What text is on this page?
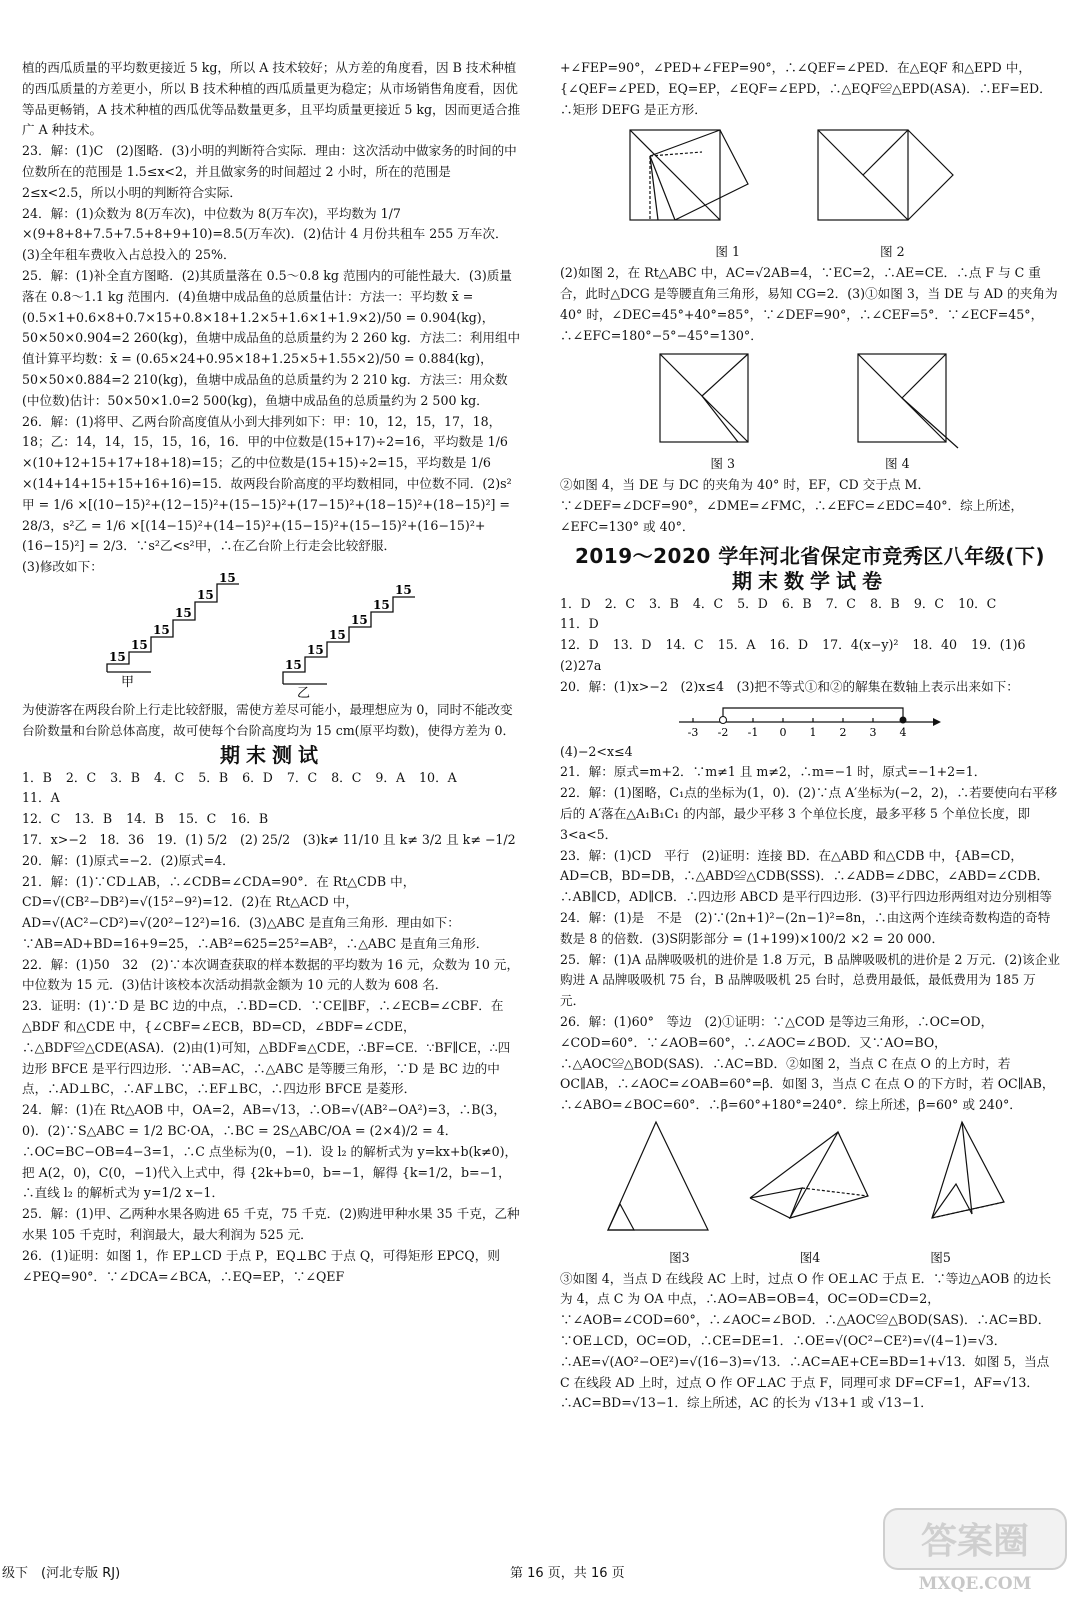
植的西瓜质量的平均数更接近 5 kg，所以 A 技术较好；从方差的角度看，因 B 技术种植的西瓜质量的方差更小，所以 B 技术种植的西瓜质量更为稳定；从市场销售角度看，因优等品更畅销，A 技术种植的西瓜优等品数量更多，且平均质量更接近 5 kg，因而更适合推广 A 种技术。

23．解：(1)C　(2)图略．(3)小明的判断符合实际．理由：这次活动中做家务的时间的中位数所在的范围是 1.5≤x<2，并且做家务的时间超过 2 小时，所在的范围是 2≤x<2.5，所以小明的判断符合实际．

24．解：(1)众数为 8(万车次)，中位数为 8(万车次)，平均数为 1/7 ×(9+8+8+7.5+7.5+8+9+10)=8.5(万车次)．(2)估计 4 月份共租车 255 万车次．(3)全年租车费收入占总投入的 25%．

25．解：(1)补全直方图略．(2)其质量落在 0.5～0.8 kg 范围内的可能性最大．(3)质量落在 0.8～1.1 kg 范围内．(4)鱼塘中成品鱼的总质量估计：方法一：平均数 x̄ = (0.5×1+0.6×8+0.7×15+0.8×18+1.2×5+1.6×1+1.9×2)/50 = 0.904(kg)，50×50×0.904=2 260(kg)，鱼塘中成品鱼的总质量约为 2 260 kg．方法二：利用组中值计算平均数：x̄ = (0.65×24+0.95×18+1.25×5+1.55×2)/50 = 0.884(kg)，50×50×0.884=2 210(kg)，鱼塘中成品鱼的总质量约为 2 210 kg．方法三：用众数(中位数)估计：50×50×1.0=2 500(kg)，鱼塘中成品鱼的总质量约为 2 500 kg．

26．解：(1)将甲、乙两台阶高度值从小到大排列如下：甲：10，12，15，17，18，18；乙：14，14，15，15，16，16．甲的中位数是(15+17)÷2=16，平均数是 1/6 ×(10+12+15+17+18+18)=15；乙的中位数是(15+15)÷2=15，平均数是 1/6 ×(14+14+15+15+16+16)=15．故两段台阶高度的平均数相同，中位数不同．(2)s²甲 = 1/6 ×[(10−15)²+(12−15)²+(15−15)²+(17−15)²+(18−15)²+(18−15)²] = 28/3，s²乙 = 1/6 ×[(14−15)²+(14−15)²+(15−15)²+(15−15)²+(16−15)²+(16−15)²] = 2/3．∵s²乙<s²甲，∴在乙台阶上行走会比较舒服．

(3)修改如下：

15
15
15
15
15
15
15
15
15
15
15
15
甲
乙

为使游客在两段台阶上行走比较舒服，需使方差尽可能小，最理想应为 0，同时不能改变台阶数量和台阶总体高度，故可使每个台阶高度均为 15 cm(原平均数)，使得方差为 0．

期末测试

1．B 2．C 3．B 4．C 5．B 6．D 7．C 8．C 9．A 10．A11．A

12．C 13．B 14．B 15．C 16．B

17．x>−2　18．36　19．(1) 5/2　(2) 25/2　(3)k≠ 11/10 且 k≠ 3/2 且 k≠ −1/2

20．解：(1)原式=−2．(2)原式=4．

21．解：(1)∵CD⊥AB，∴∠CDB=∠CDA=90°．在 Rt△CDB 中，CD=√(CB²−DB²)=√(15²−9²)=12．(2)在 Rt△ACD 中，AD=√(AC²−CD²)=√(20²−12²)=16．(3)△ABC 是直角三角形．理由如下：∵AB=AD+BD=16+9=25，∴AB²=625=25²=AB²，∴△ABC 是直角三角形．

22．解：(1)50　32　(2)∵本次调查获取的样本数据的平均数为 16 元，众数为 10 元，中位数为 15 元．(3)估计该校本次活动捐款金额为 10 元的人数为 608 名．

23．证明：(1)∵D 是 BC 边的中点，∴BD=CD．∵CE∥BF，∴∠ECB=∠CBF．在△BDF 和△CDE 中，{∠CBF=∠ECB，BD=CD，∠BDF=∠CDE，∴△BDF≌△CDE(ASA)．(2)由(1)可知，△BDF≌△CDE，∴BF=CE．∵BF∥CE，∴四边形 BFCE 是平行四边形．∵AB=AC，∴△ABC 是等腰三角形，∵D 是 BC 边的中点，∴AD⊥BC，∴AF⊥BC，∴EF⊥BC，∴四边形 BFCE 是菱形．

24．解：(1)在 Rt△AOB 中，OA=2，AB=√13，∴OB=√(AB²−OA²)=3，∴B(3，0)．(2)∵S△ABC = 1/2 BC·OA，∴BC = 2S△ABC/OA = (2×4)/2 = 4．∴OC=BC−OB=4−3=1，∴C 点坐标为(0，−1)．设 l₂ 的解析式为 y=kx+b(k≠0)，把 A(2，0)，C(0，−1)代入上式中，得 {2k+b=0，b=−1，解得 {k=1/2，b=−1，∴直线 l₂ 的解析式为 y=1/2 x−1．

25．解：(1)甲、乙两种水果各购进 65 千克，75 千克．(2)购进甲种水果 35 千克，乙种水果 105 千克时，利润最大，最大利润为 525 元．

26．(1)证明：如图 1，作 EP⊥CD 于点 P，EQ⊥BC 于点 Q，可得矩形 EPCQ，则∠PEQ=90°．∵∠DCA=∠BCA，∴EQ=EP，∵∠QEF

+∠FEP=90°，∠PED+∠FEP=90°，∴∠QEF=∠PED．在△EQF 和△EPD 中，{∠QEF=∠PED，EQ=EP，∠EQF=∠EPD，∴△EQF≌△EPD(ASA)．∴EF=ED．∴矩形 DEFG 是正方形．

图 1	图 2

(2)如图 2，在 Rt△ABC 中，AC=√2AB=4，∵EC=2，∴AE=CE．∴点 F 与 C 重合，此时△DCG 是等腰直角三角形，易知 CG=2．(3)①如图 3，当 DE 与 AD 的夹角为 40° 时，∠DEC=45°+40°=85°，∵∠DEF=90°，∴∠CEF=5°．∵∠ECF=45°，∴∠EFC=180°−5°−45°=130°．

图 3	图 4

②如图 4，当 DE 与 DC 的夹角为 40° 时，EF，CD 交于点 M．∵∠DEF=∠DCF=90°，∠DME=∠FMC，∴∠EFC=∠EDC=40°．综上所述，∠EFC=130° 或 40°．

2019～2020 学年河北省保定市竞秀区八年级(下)
期末数学试卷

1．D 2．C 3．B 4．C 5．D 6．B 7．C 8．B 9．C 10．C11．D

12．D 13．D 14．C 15．A 16．D 17．4(x−y)² 18．40 19．(1)6(2)27a

20．解：(1)x>−2　(2)x≤4　(3)把不等式①和②的解集在数轴上表示出来如下：

-3 -2 -1 0 1 2 3 4

(4)−2<x≤4

21．解：原式=m+2．∵m≠1 且 m≠2，∴m=−1 时，原式=−1+2=1．

22．解：(1)图略，C₁点的坐标为(1，0)．(2)∵点 A′坐标为(−2，2)，∴若要使向右平移后的 A′落在△A₁B₁C₁ 的内部，最少平移 3 个单位长度，最多平移 5 个单位长度，即 3<a<5．

23．解：(1)CD　平行　(2)证明：连接 BD．在△ABD 和△CDB 中，{AB=CD，AD=CB，BD=DB，∴△ABD≌△CDB(SSS)．∴∠ADB=∠DBC，∠ABD=∠CDB．∴AB∥CD，AD∥CB．∴四边形 ABCD 是平行四边形．(3)平行四边形两组对边分别相等

24．解：(1)是　不是　(2)∵(2n+1)²−(2n−1)²=8n，∴由这两个连续奇数构造的奇特数是 8 的倍数．(3)S阴影部分 = (1+199)×100/2 ×2 = 20 000．

25．解：(1)A 品牌吸吸机的进价是 1.8 万元，B 品牌吸吸机的进价是 2 万元．(2)该企业购进 A 品牌吸吸机 75 台，B 品牌吸吸机 25 台时，总费用最低，最低费用为 185 万元．

26．解：(1)60°　等边　(2)①证明：∵△COD 是等边三角形，∴OC=OD，∠COD=60°．∵∠AOB=60°，∴∠AOC=∠BOD．又∵AO=BO，∴△AOC≌△BOD(SAS)．∴AC=BD．②如图 2，当点 C 在点 O 的上方时，若 OC∥AB，∴∠AOC=∠OAB=60°=β．如图 3，当点 C 在点 O 的下方时，若 OC∥AB，∴∠ABO=∠BOC=60°．∴β=60°+180°=240°．综上所述，β=60° 或 240°．

图3	图4	图5

③如图 4，当点 D 在线段 AC 上时，过点 O 作 OE⊥AC 于点 E．∵等边△AOB 的边长为 4，点 C 为 OA 中点，∴AO=AB=OB=4，OC=OD=CD=2，∵∠AOB=∠COD=60°，∴∠AOC=∠BOD．∴△AOC≌△BOD(SAS)．∴AC=BD．∵OE⊥CD，OC=OD，∴CE=DE=1．∴OE=√(OC²−CE²)=√(4−1)=√3．∴AE=√(AO²−OE²)=√(16−3)=√13．∴AC=AE+CE=BD=1+√13．如图 5，当点 C 在线段 AD 上时，过点 O 作 OF⊥AC 于点 F，同理可求 DF=CF=1，AF=√13．∴AC=BD=√13−1．综上所述，AC 的长为 √13+1 或 √13−1．

级下　(河北专版 RJ)	第 16 页，共 16 页
答案圈
MXQE.COM
